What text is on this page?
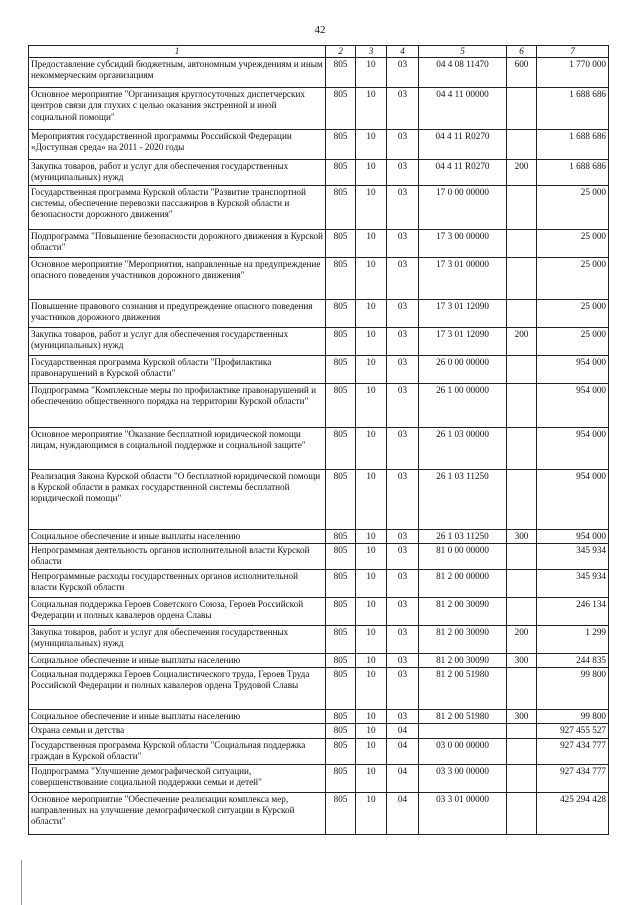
42
1	2	3	4	5	6	7
Предоставление субсидий бюджетным, автономным учреждениям и иным некоммерческим организациям	805	10	03	04 4 08 11470	600	1 770 000
Основное мероприятие "Организация круглосуточных диспетчерских центров связи для глухих с целью оказания экстренной и иной социальной помощи"	805	10	03	04 4 11 00000		1 688 686
Мероприятия государственной программы Российской Федерации «Доступная среда» на 2011 - 2020 годы	805	10	03	04 4 11 R0270		1 688 686
Закупка товаров, работ и услуг для обеспечения государственных (муниципальных) нужд	805	10	03	04 4 11 R0270	200	1 688 686
Государственная программа Курской области "Развитие транспортной системы, обеспечение перевозки пассажиров в Курской области и безопасности дорожного движения"	805	10	03	17 0 00 00000		25 000
Подпрограмма "Повышение безопасности дорожного движения в Курской области"	805	10	03	17 3 00 00000		25 000
Основное мероприятие "Мероприятия, направленные на предупреждение опасного поведения участников дорожного движения"	805	10	03	17 3 01 00000		25 000
Повышение правового сознания и предупреждение опасного поведения участников дорожного движения	805	10	03	17 3 01 12090		25 000
Закупка товаров, работ и услуг для обеспечения государственных (муниципальных) нужд	805	10	03	17 3 01 12090	200	25 000
Государственная программа Курской области "Профилактика правонарушений в Курской области"	805	10	03	26 0 00 00000		954 000
Подпрограмма "Комплексные меры по профилактике правонарушений и обеспечению общественного порядка на территории Курской области"	805	10	03	26 1 00 00000		954 000
Основное мероприятие "Оказание бесплатной юридической помощи лицам, нуждающимся в социальной поддержке и социальной защите"	805	10	03	26 1 03 00000		954 000
Реализация Закона Курской области "О бесплатной юридической помощи в Курской области в рамках государственной системы бесплатной юридической помощи"	805	10	03	26 1 03 11250		954 000
Социальное обеспечение и иные выплаты населению	805	10	03	26 1 03 11250	300	954 000
Непрограммная деятельность органов исполнительной власти Курской области	805	10	03	81 0 00 00000		345 934
Непрограммные расходы государственных органов исполнительной власти Курской области	805	10	03	81 2 00 00000		345 934
Социальная поддержка Героев Советского Союза, Героев Российской Федерации и полных кавалеров ордена Славы	805	10	03	81 2 00 30090		246 134
Закупка товаров, работ и услуг для обеспечения государственных (муниципальных) нужд	805	10	03	81 2 00 30090	200	1 299
Социальное обеспечение и иные выплаты населению	805	10	03	81 2 00 30090	300	244 835
Социальная поддержка Героев Социалистического труда, Героев Труда Российской Федерации и полных кавалеров ордена Трудовой Славы	805	10	03	81 2 00 51980		99 800
Социальное обеспечение и иные выплаты населению	805	10	03	81 2 00 51980	300	99 800
Охрана семьи и детства	805	10	04			927 455 527
Государственная программа Курской области "Социальная поддержка граждан в Курской области"	805	10	04	03 0 00 00000		927 434 777
Подпрограмма "Улучшение демографической ситуации, совершенствование социальной поддержки семьи и детей"	805	10	04	03 3 00 00000		927 434 777
Основное мероприятие "Обеспечение реализации комплекса мер, направленных на улучшение демографической ситуации в Курской области"	805	10	04	03 3 01 00000		425 294 428
